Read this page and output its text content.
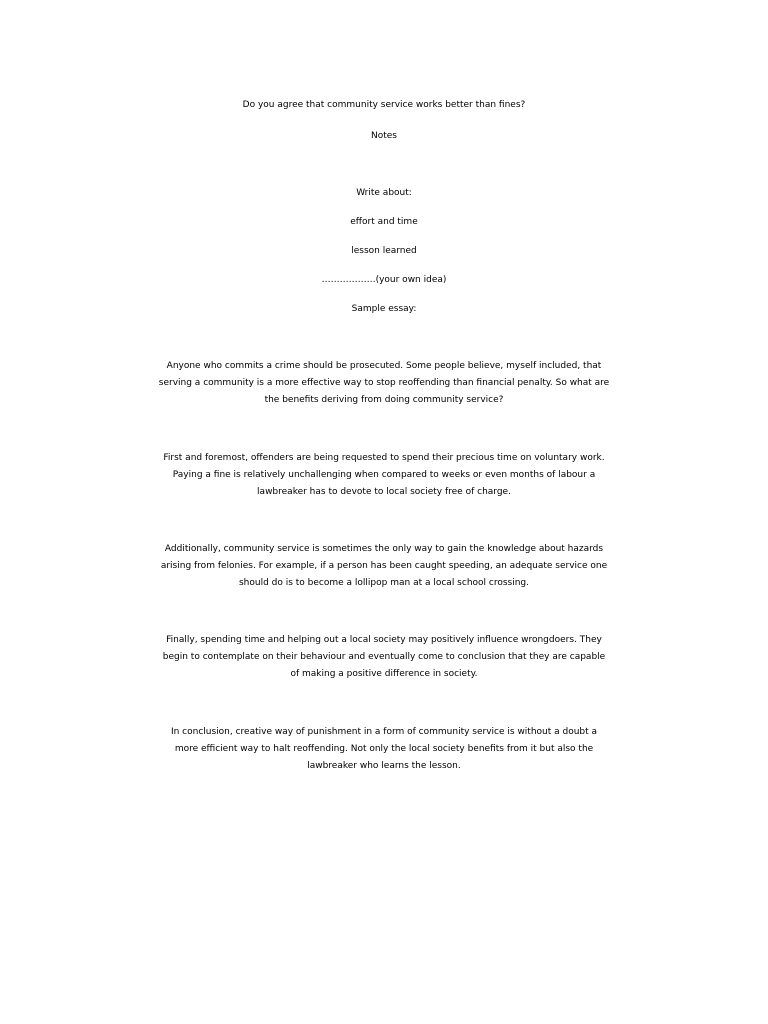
Do you agree that community service works better than fines?
Notes
Write about:
effort and time
lesson learned
………………(your own idea)
Sample essay:
Anyone who commits a crime should be prosecuted. Some people believe, myself included, that
serving a community is a more effective way to stop reoffending than financial penalty. So what are
the benefits deriving from doing community service?
First and foremost, offenders are being requested to spend their precious time on voluntary work.
Paying a fine is relatively unchallenging when compared to weeks or even months of labour a
lawbreaker has to devote to local society free of charge.
Additionally, community service is sometimes the only way to gain the knowledge about hazards
arising from felonies. For example, if a person has been caught speeding, an adequate service one
should do is to become a lollipop man at a local school crossing.
Finally, spending time and helping out a local society may positively influence wrongdoers. They
begin to contemplate on their behaviour and eventually come to conclusion that they are capable
of making a positive difference in society.
In conclusion, creative way of punishment in a form of community service is without a doubt a
more efficient way to halt reoffending. Not only the local society benefits from it but also the
lawbreaker who learns the lesson.
